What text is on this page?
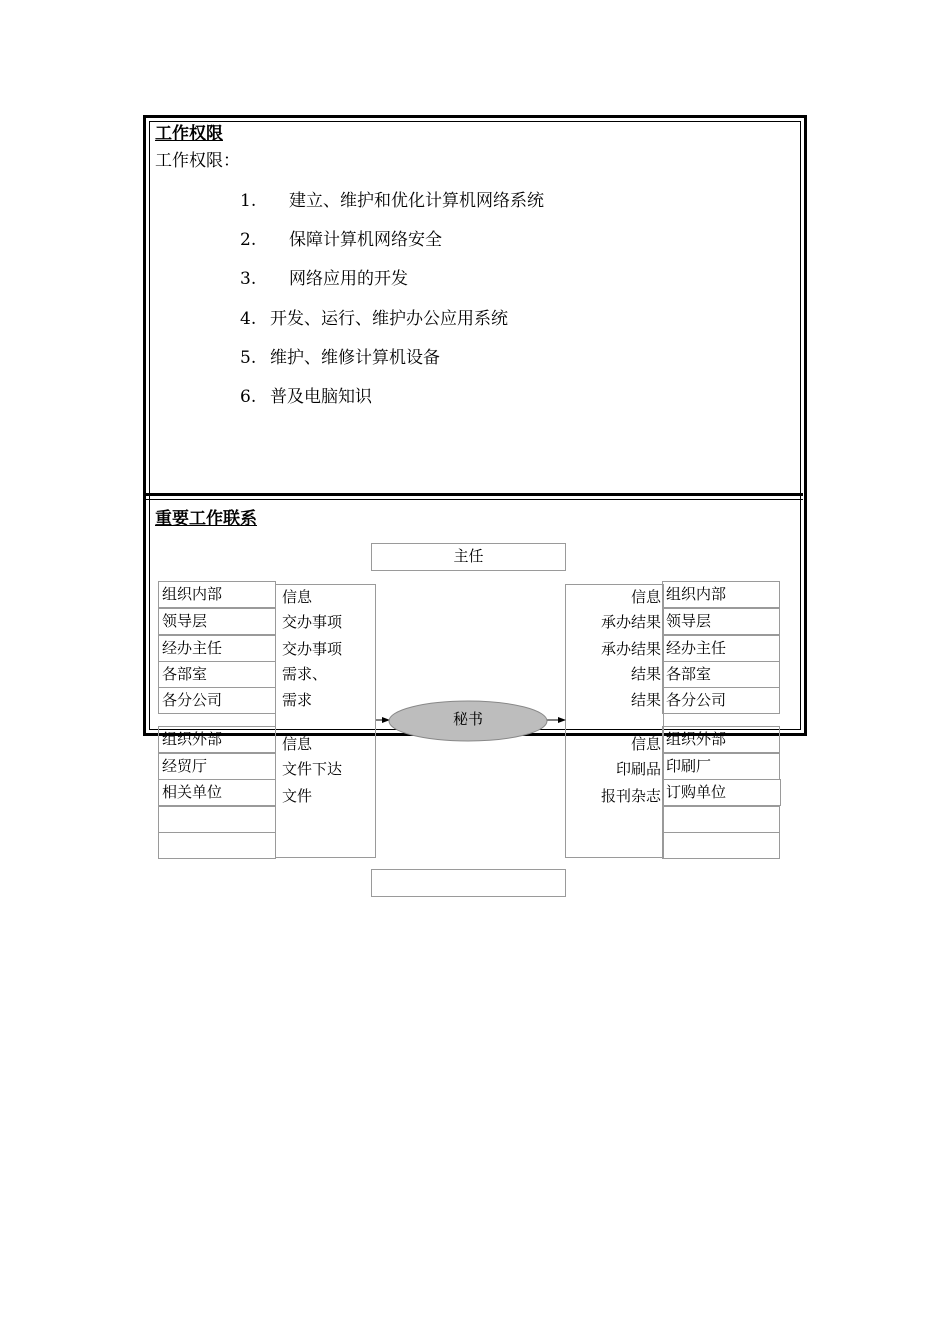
工作权限
工作权限：
1. 建立、维护和优化计算机网络系统
2. 保障计算机网络安全
3. 网络应用的开发
4. 开发、运行、维护办公应用系统
5. 维护、维修计算机设备
6. 普及电脑知识
重要工作联系
主任
组织内部
领导层
经办主任
各部室
各分公司
组织外部
经贸厅
相关单位
组织内部
领导层
经办主任
各部室
各分公司
组织外部
印刷厂
订购单位
信息
交办事项
交办事项
需求、
需求
信息
文件下达
文件
信息
承办结果
承办结果
结果
结果
信息
印刷品
报刊杂志
秘书
